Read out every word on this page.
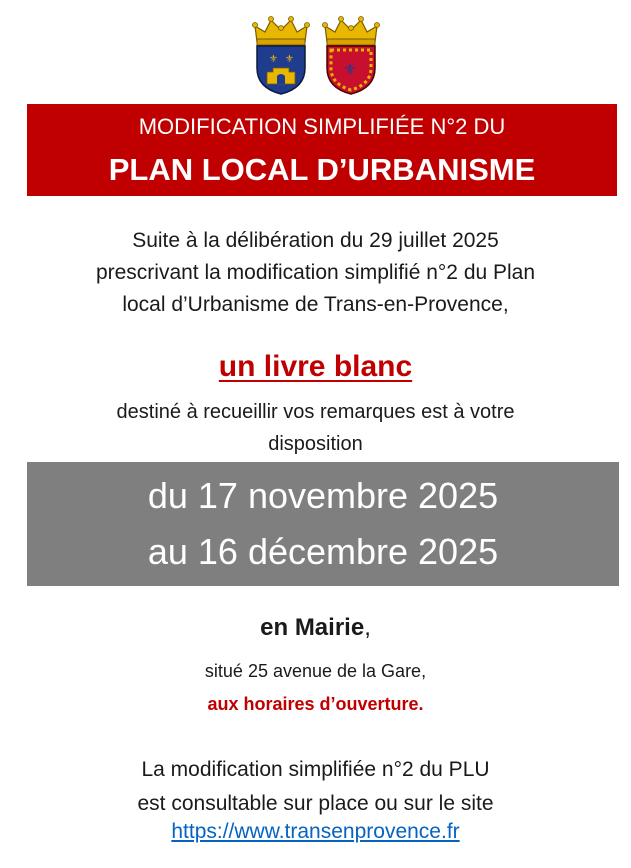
⚜ ⚜
⚜
MODIFICATION SIMPLIFIÉE N°2 DU
PLAN LOCAL D’URBANISME
Suite à la délibération du 29 juillet 2025
prescrivant la modification simplifié n°2 du Plan
local d’Urbanisme de Trans-en-Provence,
un livre blanc
destiné à recueillir vos remarques est à votre
disposition
du 17 novembre 2025
au 16 décembre 2025
en Mairie,
situé 25 avenue de la Gare,
aux horaires d’ouverture.
La modification simplifiée n°2 du PLU
est consultable sur place ou sur le site
https://www.transenprovence.fr
